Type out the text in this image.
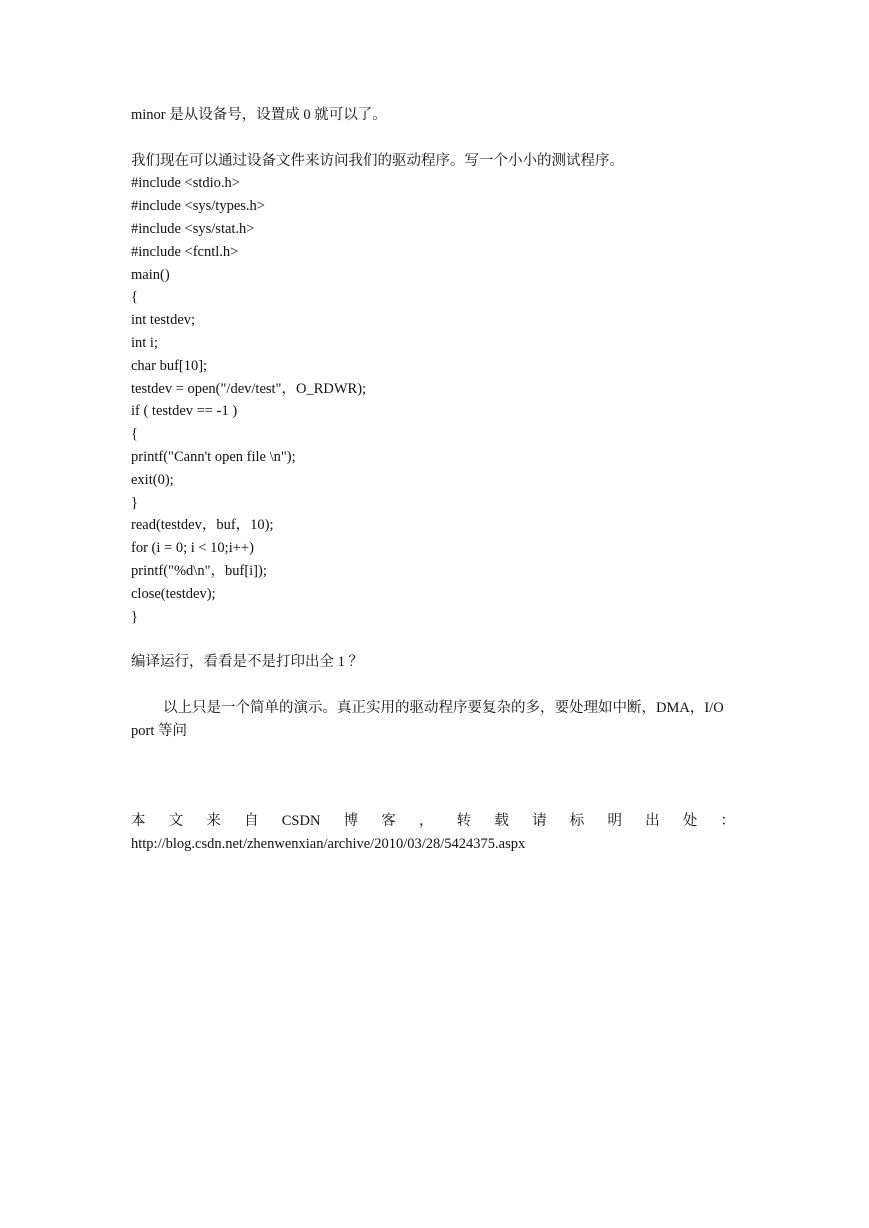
minor 是从设备号，设置成 0 就可以了。
我们现在可以通过设备文件来访问我们的驱动程序。写一个小小的测试程序。
#include <stdio.h>
#include <sys/types.h>
#include <sys/stat.h>
#include <fcntl.h>
main()
{
int testdev;
int i;
char buf[10];
testdev = open("/dev/test"，O_RDWR);
if ( testdev == -1 )
{
printf("Cann't open file \n");
exit(0);
}
read(testdev，buf，10);
for (i = 0; i < 10;i++)
printf("%d\n"，buf[i]);
close(testdev);
}
编译运行，看看是不是打印出全 1 ？
以上只是一个简单的演示。真正实用的驱动程序要复杂的多，要处理如中断，DMA，I/O port 等问
本 文 来 自 CSDN 博 客 ， 转 载 请 标 明 出 处 ：
http://blog.csdn.net/zhenwenxian/archive/2010/03/28/5424375.aspx
